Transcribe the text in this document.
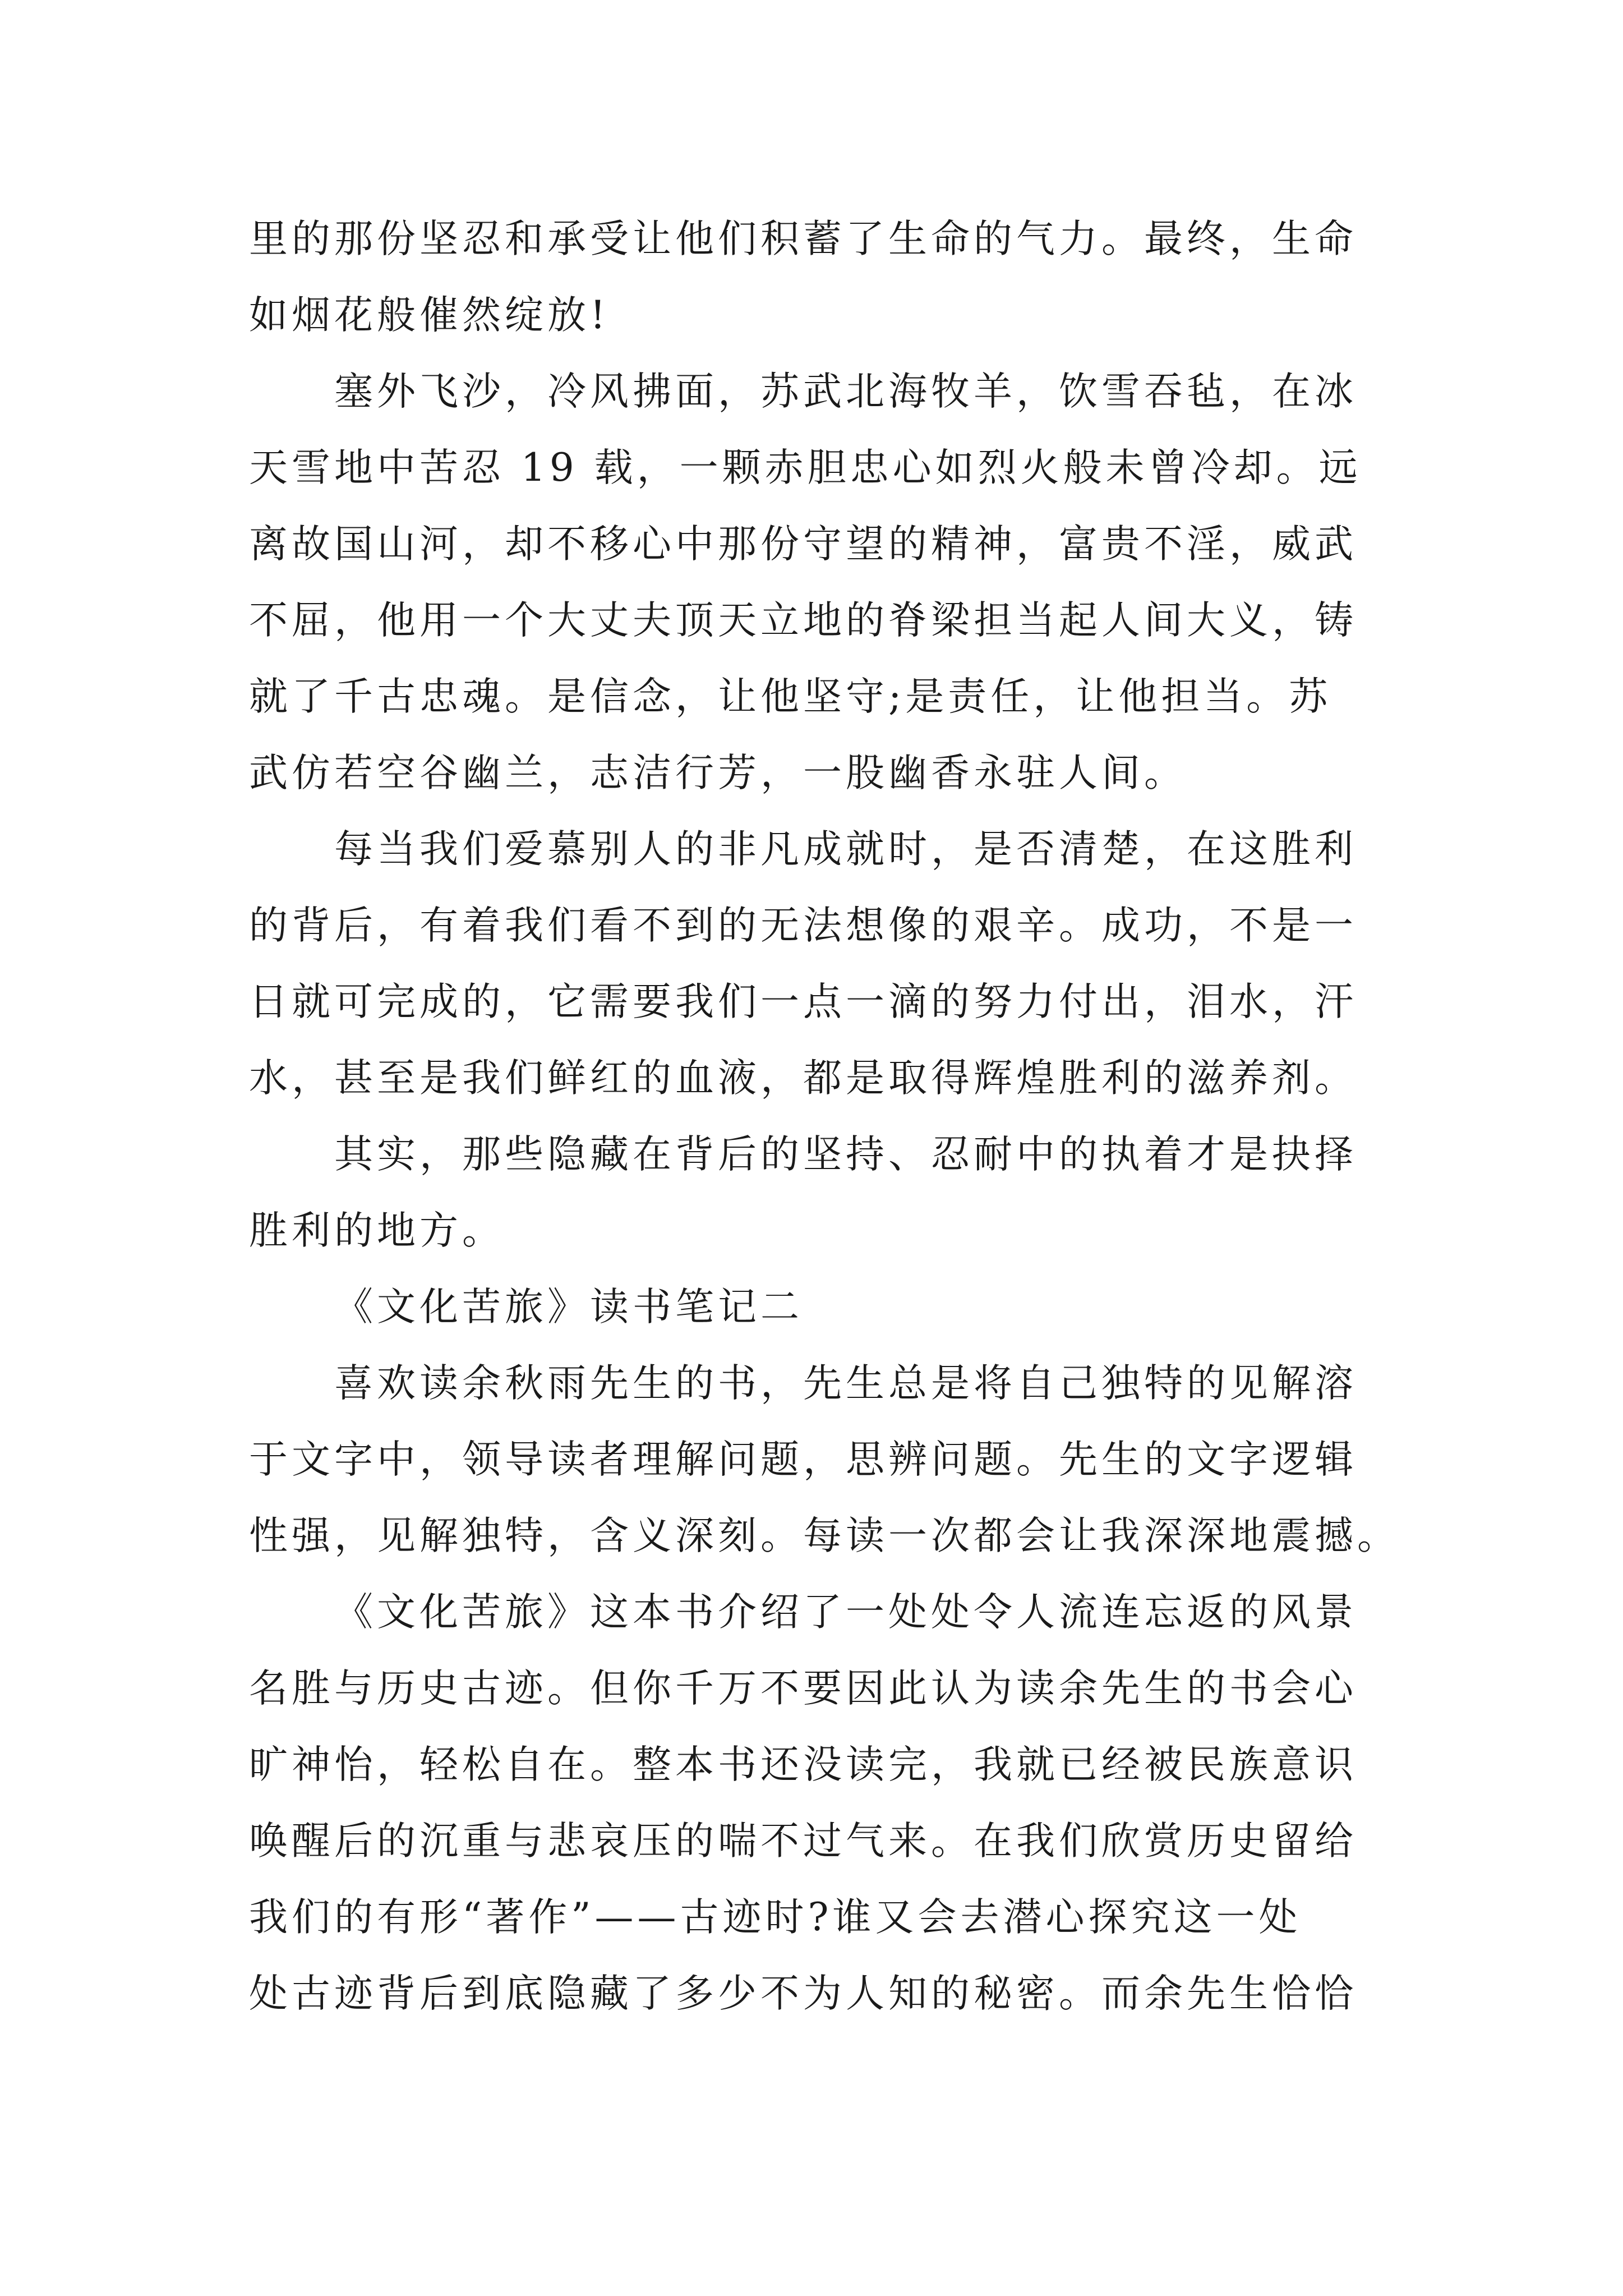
里的那份坚忍和承受让他们积蓄了生命的气力。最终，生命
如烟花般催然绽放!
塞外飞沙，冷风拂面，苏武北海牧羊，饮雪吞毡，在冰
天雪地中苦忍 19 载，一颗赤胆忠心如烈火般未曾冷却。远
离故国山河，却不移心中那份守望的精神，富贵不淫，威武
不屈，他用一个大丈夫顶天立地的脊梁担当起人间大义，铸
就了千古忠魂。是信念，让他坚守;是责任，让他担当。苏
武仿若空谷幽兰，志洁行芳，一股幽香永驻人间。
每当我们爱慕别人的非凡成就时，是否清楚，在这胜利
的背后，有着我们看不到的无法想像的艰辛。成功，不是一
日就可完成的，它需要我们一点一滴的努力付出，泪水，汗
水，甚至是我们鲜红的血液，都是取得辉煌胜利的滋养剂。
其实，那些隐藏在背后的坚持、忍耐中的执着才是抉择
胜利的地方。
《文化苦旅》读书笔记二
喜欢读余秋雨先生的书，先生总是将自己独特的见解溶
于文字中，领导读者理解问题，思辨问题。先生的文字逻辑
性强，见解独特，含义深刻。每读一次都会让我深深地震撼。
《文化苦旅》这本书介绍了一处处令人流连忘返的风景
名胜与历史古迹。但你千万不要因此认为读余先生的书会心
旷神怡，轻松自在。整本书还没读完，我就已经被民族意识
唤醒后的沉重与悲哀压的喘不过气来。在我们欣赏历史留给
我们的有形“著作”——古迹时?谁又会去潜心探究这一处
处古迹背后到底隐藏了多少不为人知的秘密。而余先生恰恰
